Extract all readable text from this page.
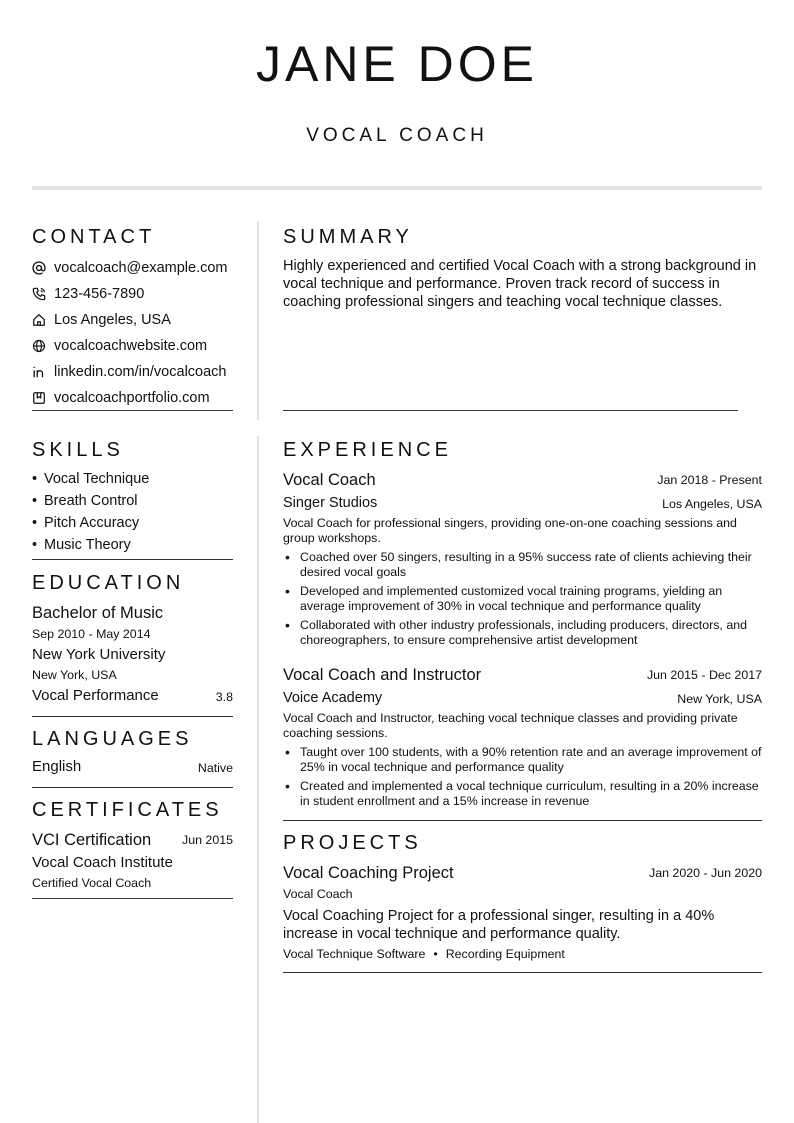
JANE DOE
VOCAL COACH
CONTACT
vocalcoach@example.com
123-456-7890
Los Angeles, USA
vocalcoachwebsite.com
linkedin.com/in/vocalcoach
vocalcoachportfolio.com
SKILLS
• Vocal Technique
• Breath Control
• Pitch Accuracy
• Music Theory
EDUCATION
Bachelor of Music
Sep 2010 - May 2014
New York University
New York, USA
Vocal Performance	3.8
LANGUAGES
English	Native
CERTIFICATES
VCI Certification Jun 2015
Vocal Coach Institute
Certified Vocal Coach
SUMMARY
Highly experienced and certified Vocal Coach with a strong background in vocal technique and performance. Proven track record of success in coaching professional singers and teaching vocal technique classes.
EXPERIENCE
Vocal Coach	Jan 2018 - Present
Singer Studios	Los Angeles, USA
Vocal Coach for professional singers, providing one-on-one coaching sessions and group workshops.
• Coached over 50 singers, resulting in a 95% success rate of clients achieving their desired vocal goals
• Developed and implemented customized vocal training programs, yielding an average improvement of 30% in vocal technique and performance quality
• Collaborated with other industry professionals, including producers, directors, and choreographers, to ensure comprehensive artist development
Vocal Coach and Instructor	Jun 2015 - Dec 2017
Voice Academy	New York, USA
Vocal Coach and Instructor, teaching vocal technique classes and providing private coaching sessions.
• Taught over 100 students, with a 90% retention rate and an average improvement of 25% in vocal technique and performance quality
• Created and implemented a vocal technique curriculum, resulting in a 20% increase in student enrollment and a 15% increase in revenue
PROJECTS
Vocal Coaching Project	Jan 2020 - Jun 2020
Vocal Coach
Vocal Coaching Project for a professional singer, resulting in a 40% increase in vocal technique and performance quality.
Vocal Technique Software • Recording Equipment
